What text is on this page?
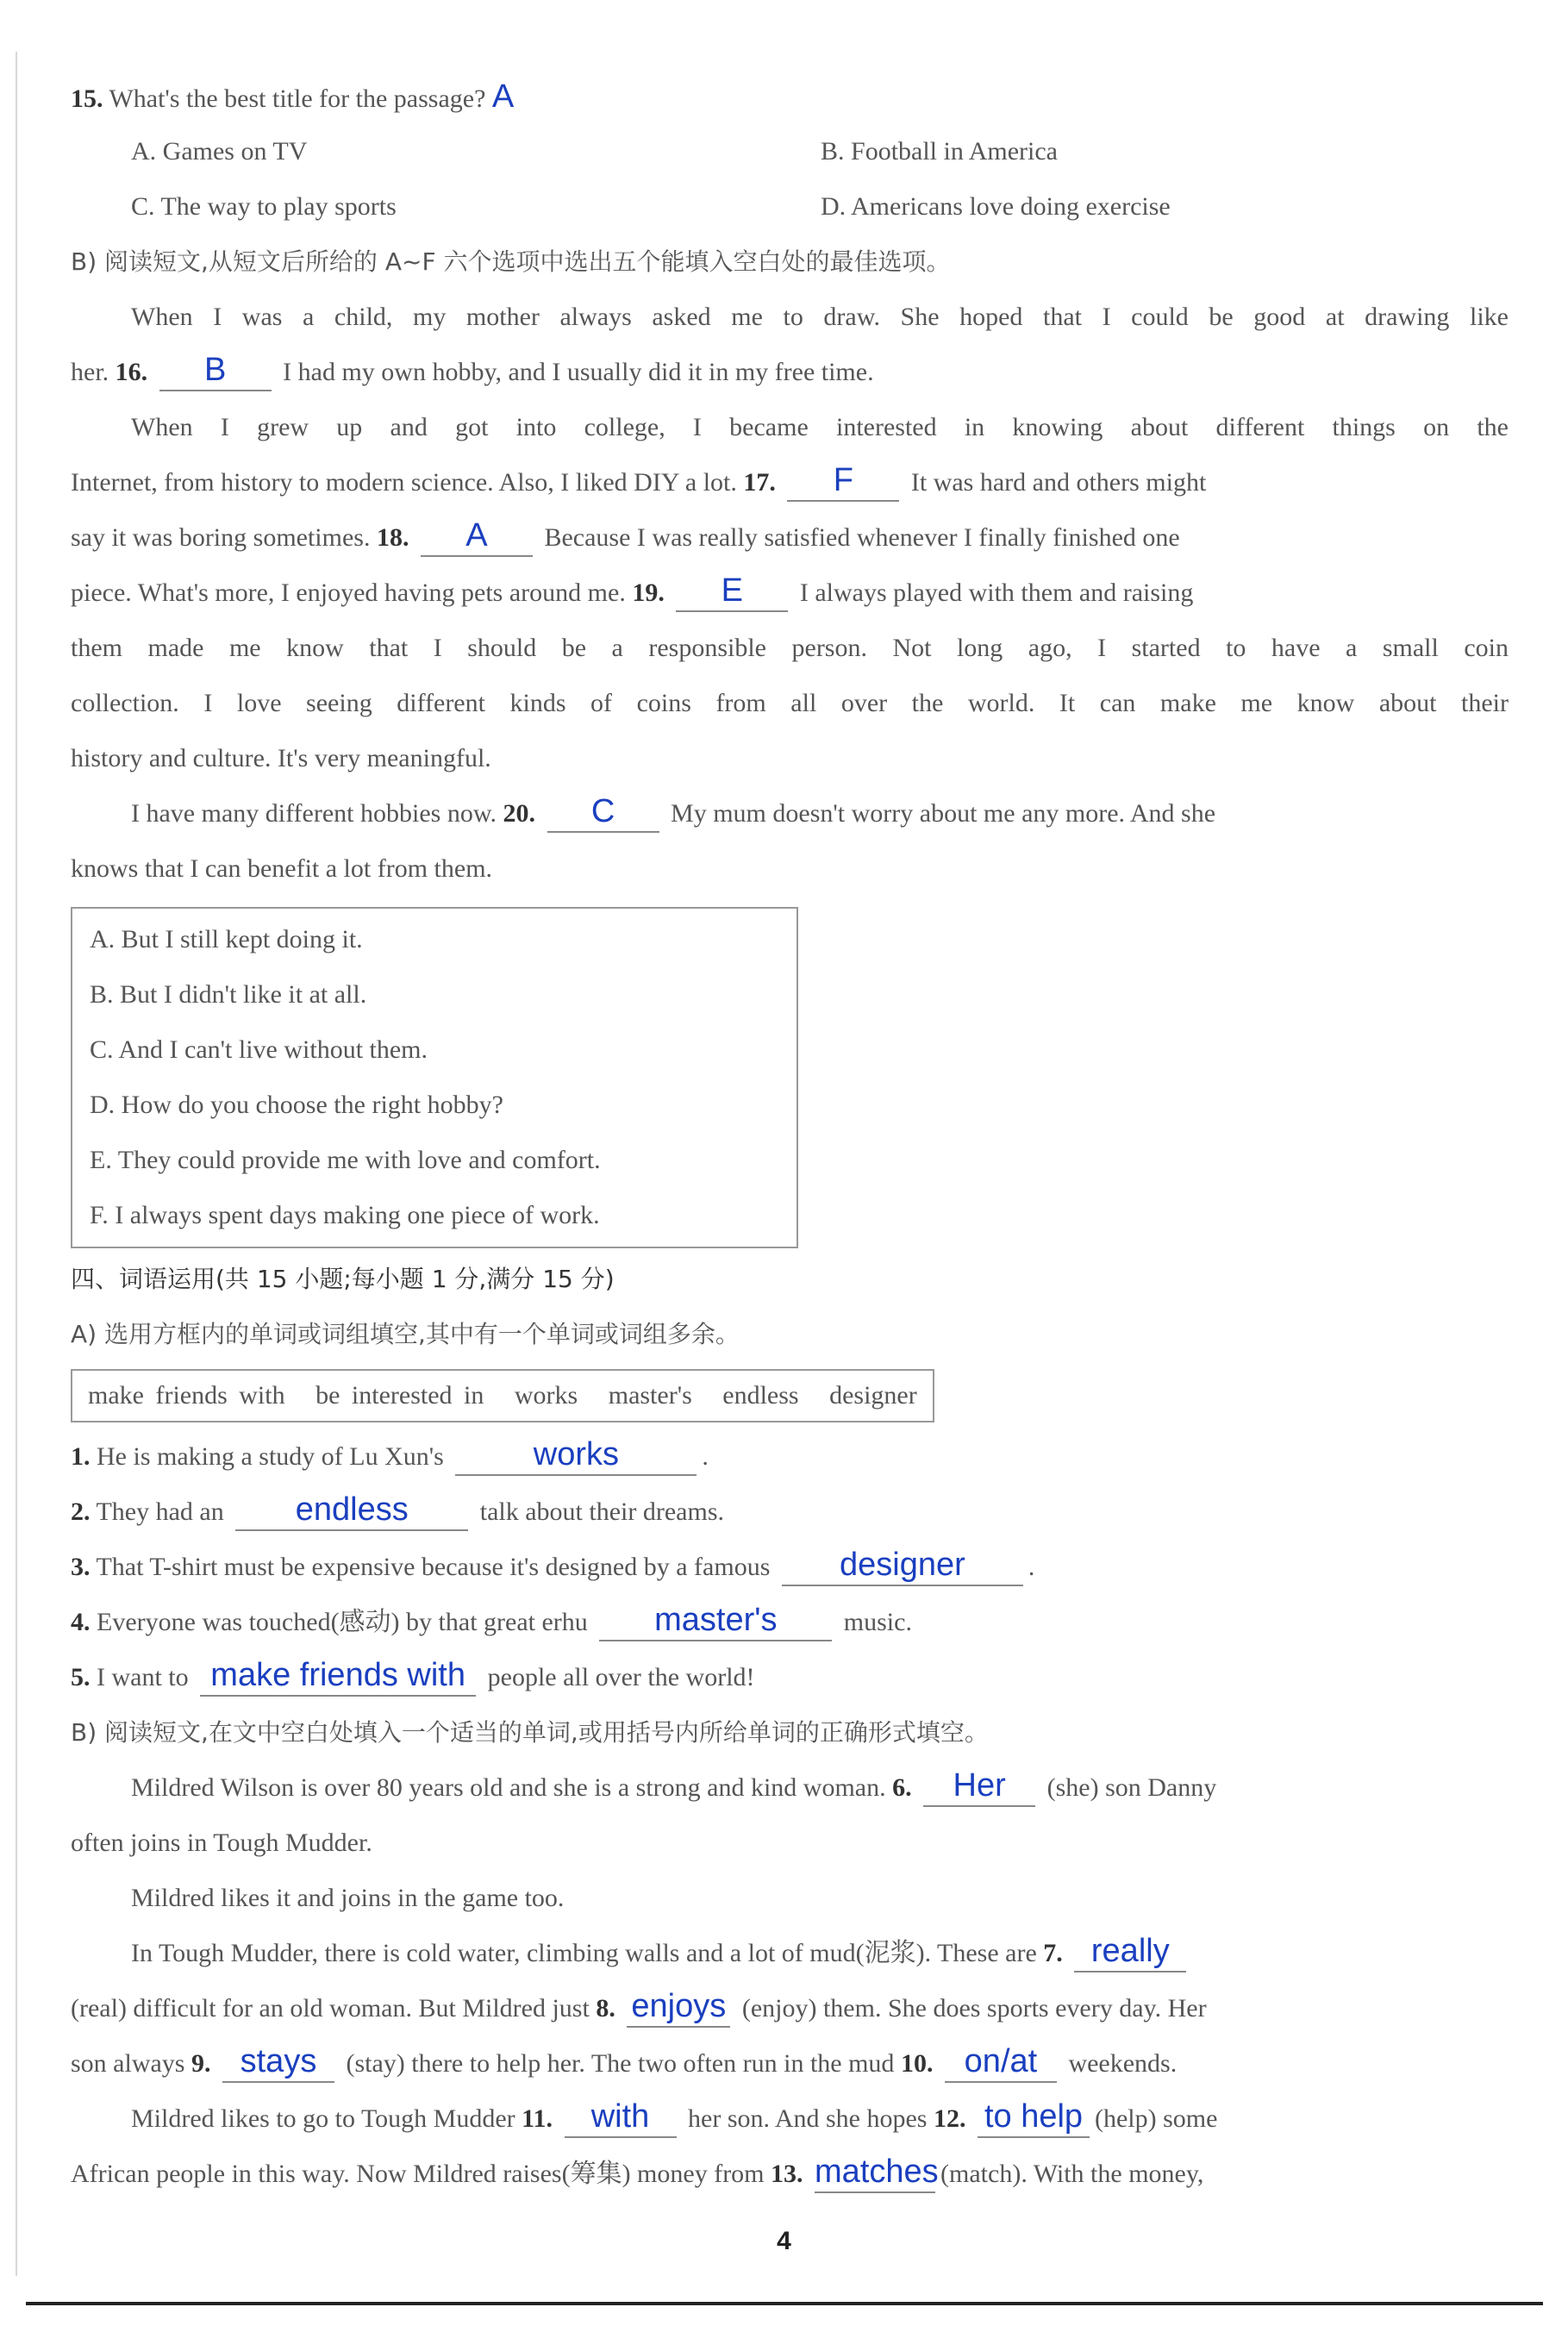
15. What's the best title for the passage? A
A. Games on TV	B. Football in America
C. The way to play sports	D. Americans love doing exercise
B) 阅读短文,从短文后所给的 A~F 六个选项中选出五个能填入空白处的最佳选项。
When I was a child, my mother always asked me to draw. She hoped that I could be good at drawing like
her. 16. B I had my own hobby, and I usually did it in my free time.
When I grew up and got into college, I became interested in knowing about different things on the
Internet, from history to modern science. Also, I liked DIY a lot. 17. F It was hard and others might
say it was boring sometimes. 18. A Because I was really satisfied whenever I finally finished one
piece. What's more, I enjoyed having pets around me. 19. E I always played with them and raising
them made me know that I should be a responsible person. Not long ago, I started to have a small coin
collection. I love seeing different kinds of coins from all over the world. It can make me know about their
history and culture. It's very meaningful.
I have many different hobbies now. 20. C My mum doesn't worry about me any more. And she
knows that I can benefit a lot from them.
A. But I still kept doing it.
B. But I didn't like it at all.
C. And I can't live without them.
D. How do you choose the right hobby?
E. They could provide me with love and comfort.
F. I always spent days making one piece of work.
四、词语运用(共 15 小题;每小题 1 分,满分 15 分)
A) 选用方框内的单词或词组填空,其中有一个单词或词组多余。
make friends with be interested in works master's endless designer
1. He is making a study of Lu Xun's	works	.
2. They had an endless	talk about their dreams.
3. That T-shirt must be expensive because it's designed by a famous designer .
4. Everyone was touched(感动) by that great erhu master's	music.
5. I want to make friends with people all over the world!
B) 阅读短文,在文中空白处填入一个适当的单词,或用括号内所给单词的正确形式填空。
Mildred Wilson is over 80 years old and she is a strong and kind woman. 6. Her (she) son Danny
often joins in Tough Mudder.
Mildred likes it and joins in the game too.
In Tough Mudder, there is cold water, climbing walls and a lot of mud(泥浆). These are 7. really
(real) difficult for an old woman. But Mildred just 8. enjoys (enjoy) them. She does sports every day. Her
son always 9. stays (stay) there to help her. The two often run in the mud 10. on/at weekends.
Mildred likes to go to Tough Mudder 11. with her son. And she hopes 12. to help (help) some
African people in this way. Now Mildred raises(筹集) money from 13. matches(match). With the money,
4
